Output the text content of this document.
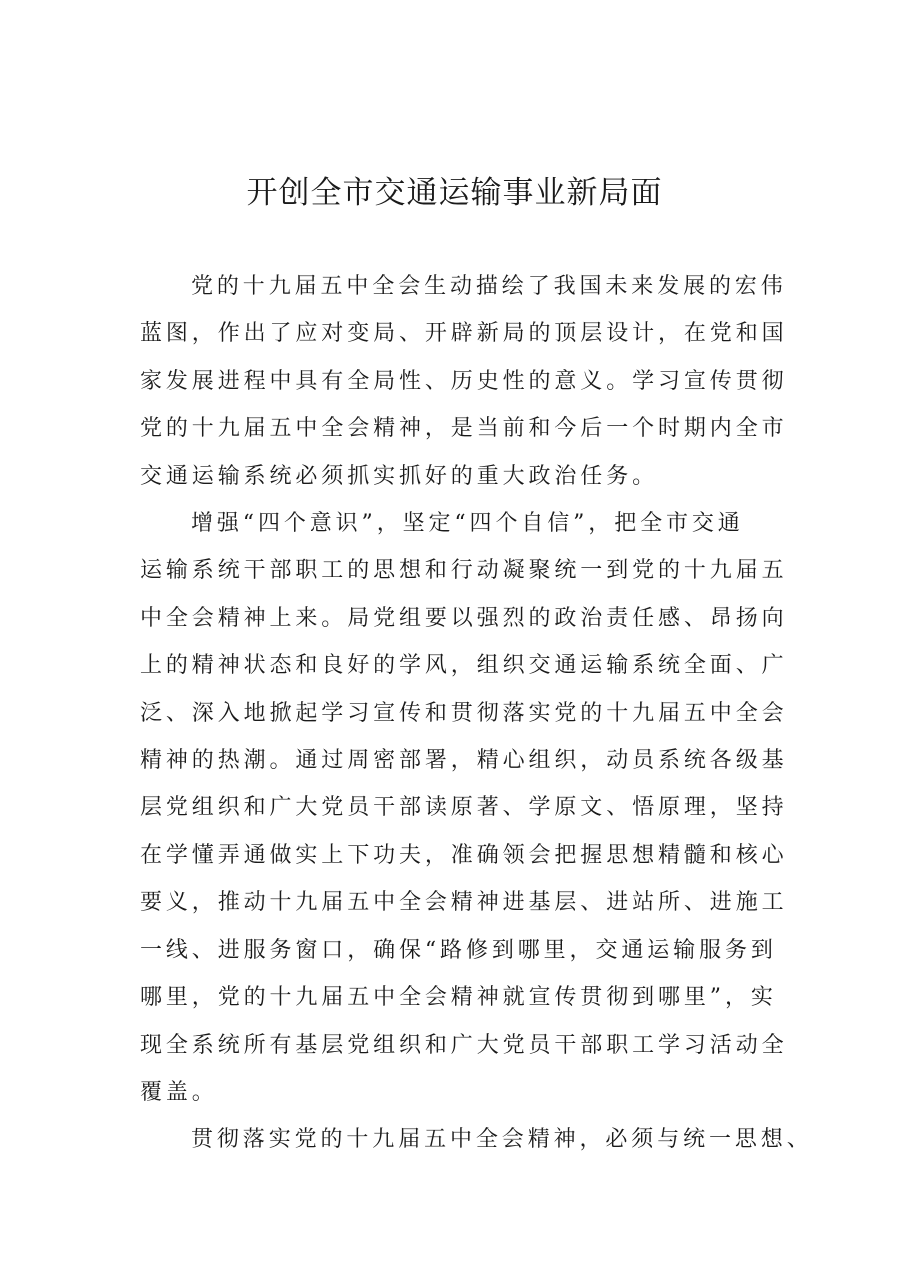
开创全市交通运输事业新局面
党的十九届五中全会生动描绘了我国未来发展的宏伟
蓝图，作出了应对变局、开辟新局的顶层设计，在党和国
家发展进程中具有全局性、历史性的意义。学习宣传贯彻
党的十九届五中全会精神，是当前和今后一个时期内全市
交通运输系统必须抓实抓好的重大政治任务。
增强“四个意识”，坚定“四个自信”，把全市交通
运输系统干部职工的思想和行动凝聚统一到党的十九届五
中全会精神上来。局党组要以强烈的政治责任感、昂扬向
上的精神状态和良好的学风，组织交通运输系统全面、广
泛、深入地掀起学习宣传和贯彻落实党的十九届五中全会
精神的热潮。通过周密部署，精心组织，动员系统各级基
层党组织和广大党员干部读原著、学原文、悟原理，坚持
在学懂弄通做实上下功夫，准确领会把握思想精髓和核心
要义，推动十九届五中全会精神进基层、进站所、进施工
一线、进服务窗口，确保“路修到哪里，交通运输服务到
哪里，党的十九届五中全会精神就宣传贯彻到哪里”，实
现全系统所有基层党组织和广大党员干部职工学习活动全
覆盖。
贯彻落实党的十九届五中全会精神，必须与统一思想、
